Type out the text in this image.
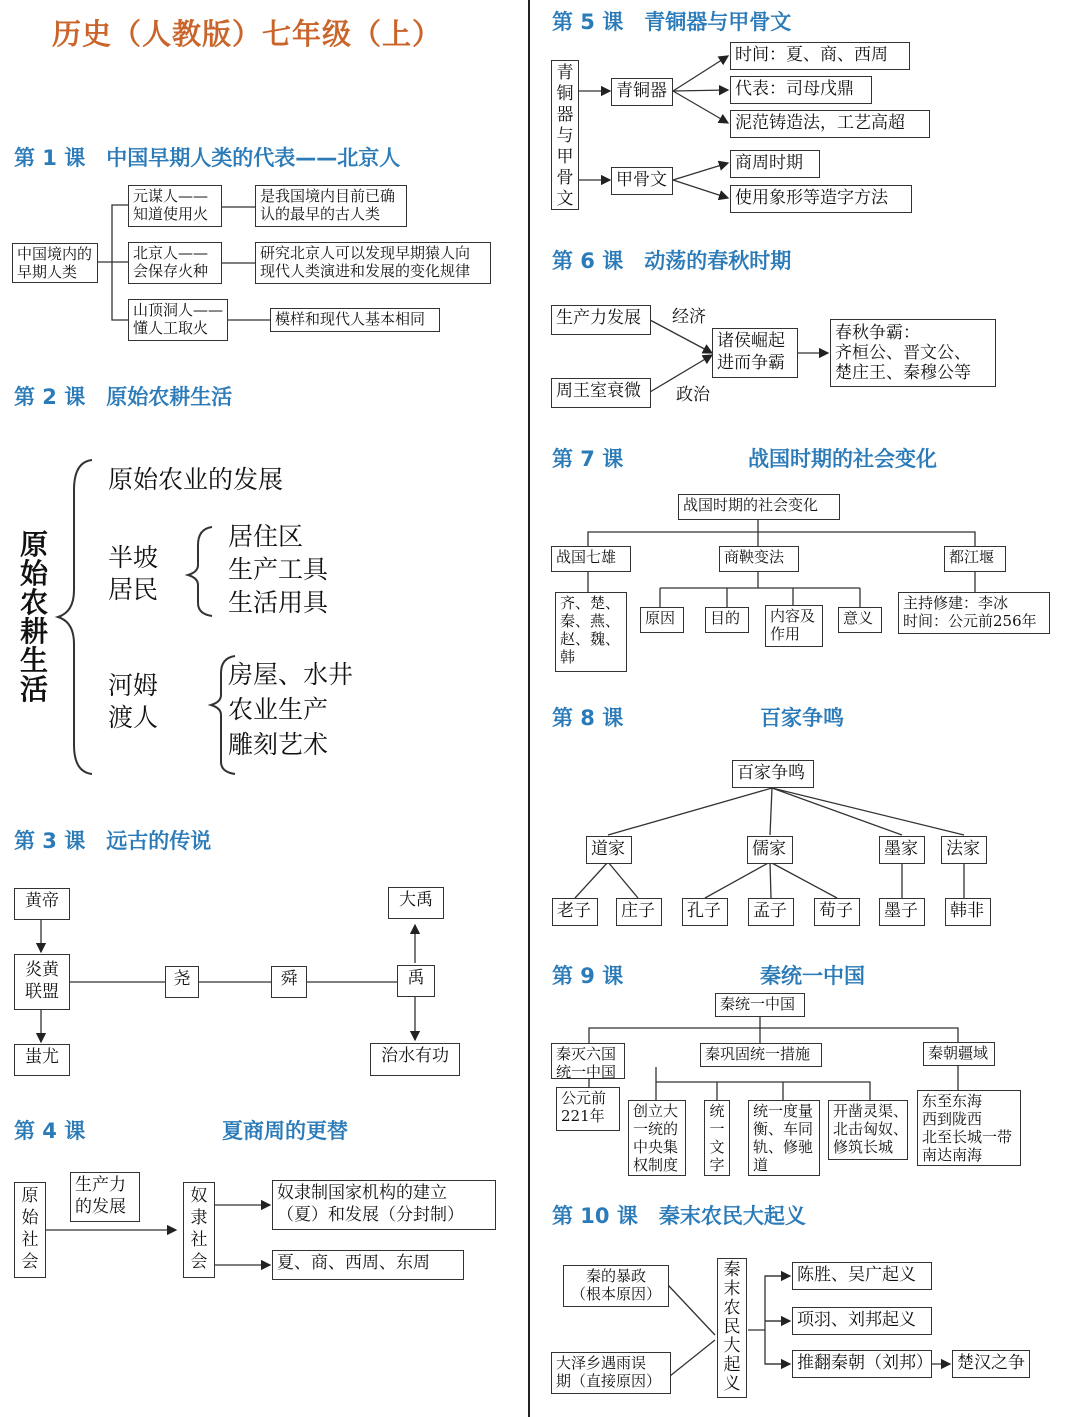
历史（人教版）七年级（上）
第 1 课　中国早期人类的代表——北京人
中国境内的
早期人类
元谋人——
知道使用火
是我国境内目前已确
认的最早的古人类
北京人——
会保存火种
研究北京人可以发现早期猿人向
现代人类演进和发展的变化规律
山顶洞人——
懂人工取火	模样和现代人基本相同
第 2 课　原始农耕生活
原始农耕生活
原始农业的发展
半坡
居民
居住区
生产工具
生活用具
河姆
渡人
房屋、水井
农业生产
雕刻艺术
第 3 课　远古的传说
黄帝
炎黄
联盟
蚩尤
尧	舜	禹
大禹
治水有功
第 4 课	夏商周的更替
原始社会
生产力
的发展
奴隶社会
奴隶制国家机构的建立
（夏）和发展（分封制）
夏、商、西周、东周
第 5 课　青铜器与甲骨文
青铜器与甲骨文
青铜器
甲骨文
时间：夏、商、西周
代表：司母戊鼎
泥范铸造法，工艺高超
商周时期
使用象形等造字方法
第 6 课　动荡的春秋时期
生产力发展
周王室衰微
经济
政治
诸侯崛起
进而争霸
春秋争霸：
齐桓公、晋文公、
楚庄王、秦穆公等
第 7 课	战国时期的社会变化
战国时期的社会变化
战国七雄
齐、楚、
秦、燕、
赵、魏、
韩
商鞅变法
原因	目的	内容及
作用
意义
都江堰
主持修建：李冰
时间：公元前256年
第 8 课	百家争鸣
百家争鸣
道家	儒家	墨家	法家
老子	庄子	孔子	孟子	荀子	墨子	韩非
第 9 课	秦统一中国
秦统一中国
秦灭六国
统一中国
公元前
221年
秦巩固统一措施
创立大
一统的
中央集
权制度
统一文字
统一度量
衡、车同
轨、修驰
道
开凿灵渠、
北击匈奴、
修筑长城
秦朝疆域
东至东海
西到陇西
北至长城一带
南达南海
第 10 课　秦末农民大起义
秦的暴政
（根本原因）
大泽乡遇雨误
期（直接原因）
秦末农民大起义
陈胜、吴广起义
项羽、刘邦起义
推翻秦朝（刘邦） 楚汉之争
